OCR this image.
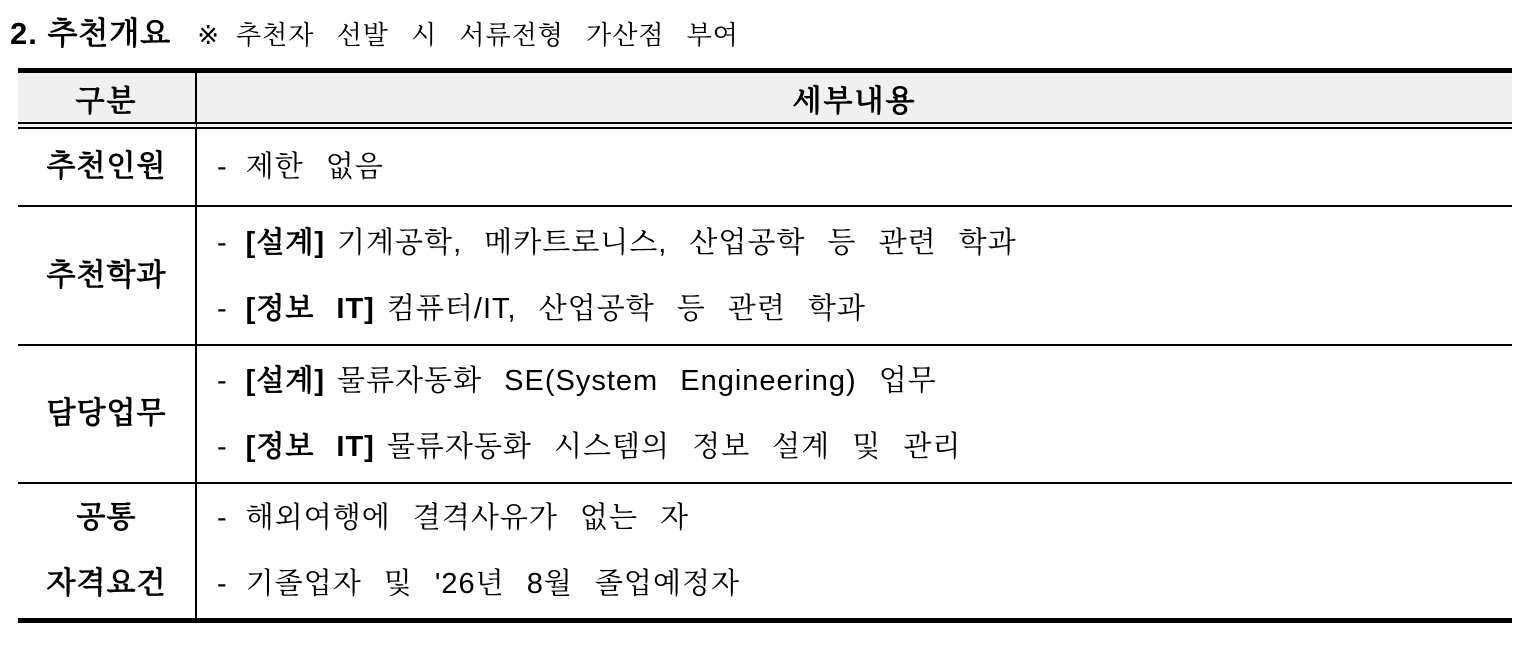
2. 추천개요 ※ 추천자 선발 시 서류전형 가산점 부여
구분	세부내용
추천인원 - 제한 없음
추천학과
- [설계] 기계공학, 메카트로니스, 산업공학 등 관련 학과
- [정보 IT] 컴퓨터/IT, 산업공학 등 관련 학과
담당업무
- [설계] 물류자동화 SE(System Engineering) 업무
- [정보 IT] 물류자동화 시스템의 정보 설계 및 관리
공통
자격요건
- 해외여행에 결격사유가 없는 자
- 기졸업자 및 '26년 8월 졸업예정자
